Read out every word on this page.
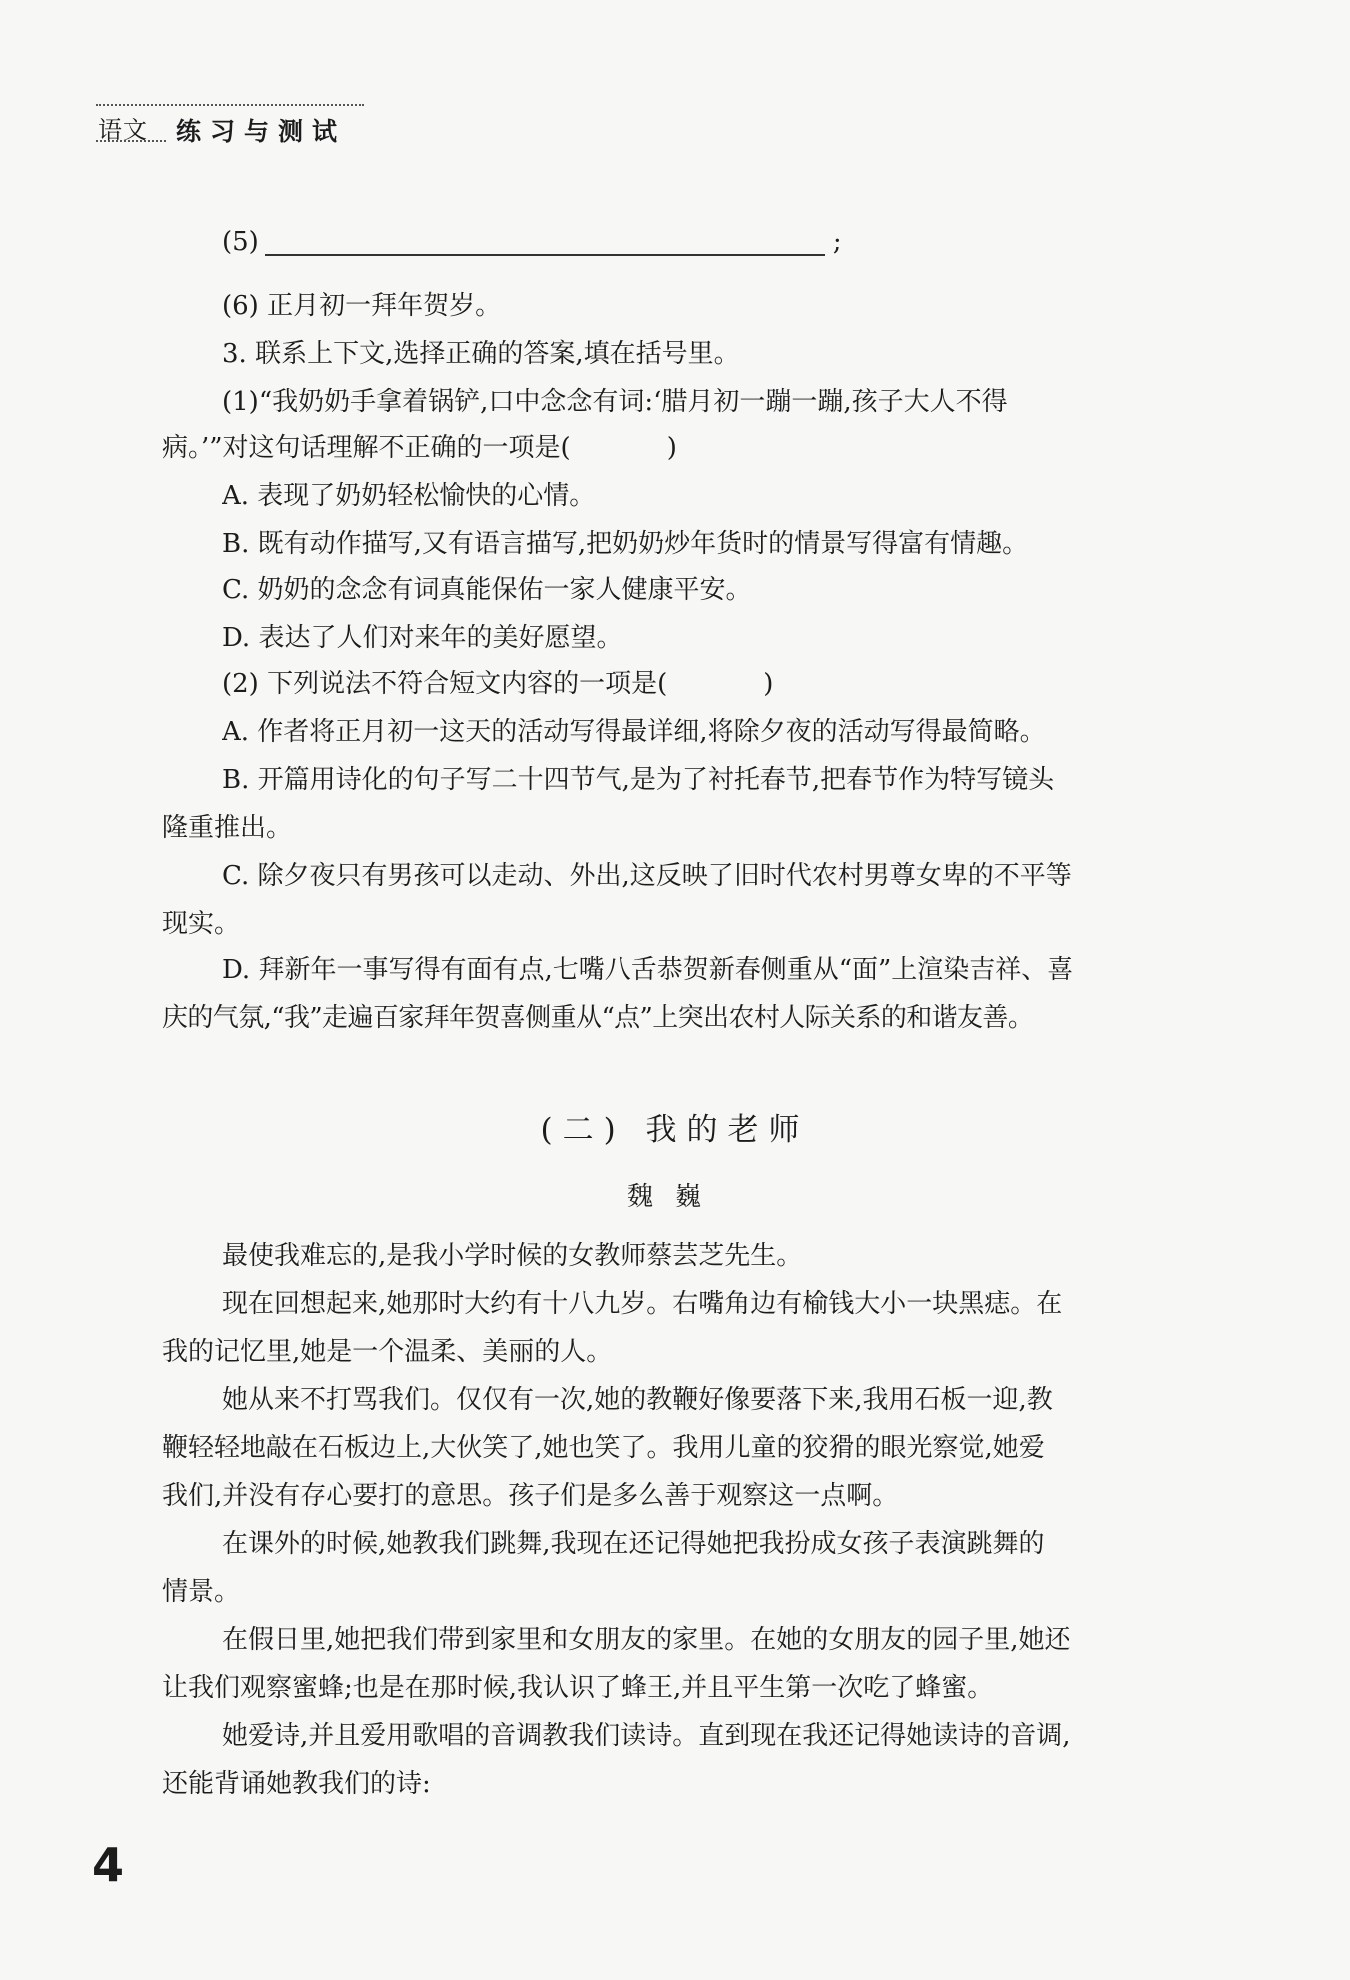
语文 练习与测试
(5)	;
(6) 正月初一拜年贺岁。
3. 联系上下文,选择正确的答案,填在括号里。
(1)“我奶奶手拿着锅铲,口中念念有词:‘腊月初一蹦一蹦,孩子大人不得
病。’”对这句话理解不正确的一项是(	)
A. 表现了奶奶轻松愉快的心情。
B. 既有动作描写,又有语言描写,把奶奶炒年货时的情景写得富有情趣。
C. 奶奶的念念有词真能保佑一家人健康平安。
D. 表达了人们对来年的美好愿望。
(2) 下列说法不符合短文内容的一项是(	)
A. 作者将正月初一这天的活动写得最详细,将除夕夜的活动写得最简略。
B. 开篇用诗化的句子写二十四节气,是为了衬托春节,把春节作为特写镜头
隆重推出。
C. 除夕夜只有男孩可以走动、外出,这反映了旧时代农村男尊女卑的不平等
现实。
D. 拜新年一事写得有面有点,七嘴八舌恭贺新春侧重从“面”上渲染吉祥、喜
庆的气氛,“我”走遍百家拜年贺喜侧重从“点”上突出农村人际关系的和谐友善。
(二) 我的老师
魏巍
最使我难忘的,是我小学时候的女教师蔡芸芝先生。
现在回想起来,她那时大约有十八九岁。右嘴角边有榆钱大小一块黑痣。在
我的记忆里,她是一个温柔、美丽的人。
她从来不打骂我们。仅仅有一次,她的教鞭好像要落下来,我用石板一迎,教
鞭轻轻地敲在石板边上,大伙笑了,她也笑了。我用儿童的狡猾的眼光察觉,她爱
我们,并没有存心要打的意思。孩子们是多么善于观察这一点啊。
在课外的时候,她教我们跳舞,我现在还记得她把我扮成女孩子表演跳舞的
情景。
在假日里,她把我们带到家里和女朋友的家里。在她的女朋友的园子里,她还
让我们观察蜜蜂;也是在那时候,我认识了蜂王,并且平生第一次吃了蜂蜜。
她爱诗,并且爱用歌唱的音调教我们读诗。直到现在我还记得她读诗的音调,
还能背诵她教我们的诗:
4
